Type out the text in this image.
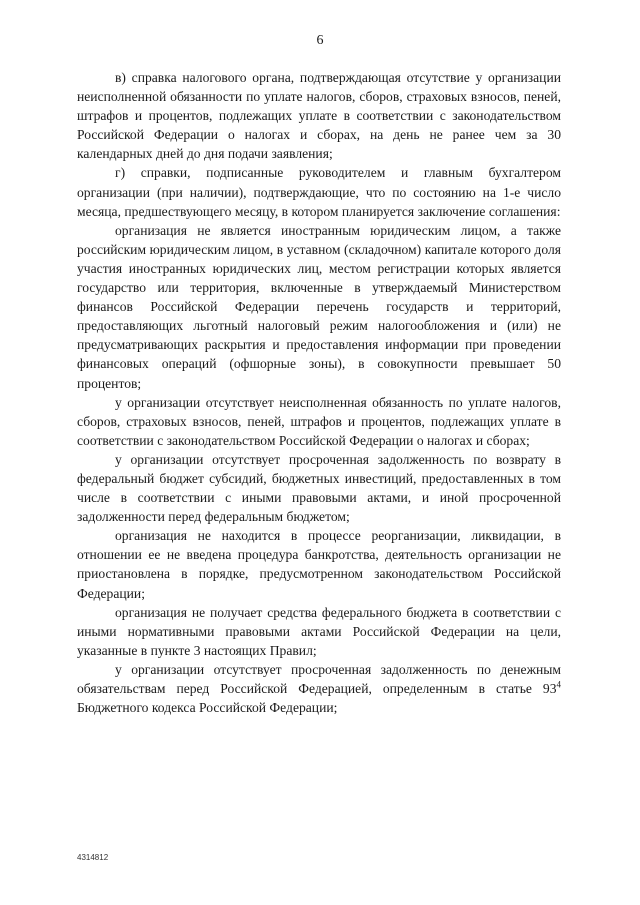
6

в) справка налогового органа, подтверждающая отсутствие у организации неисполненной обязанности по уплате налогов, сборов, страховых взносов, пеней, штрафов и процентов, подлежащих уплате в соответствии с законодательством Российской Федерации о налогах и сборах, на день не ранее чем за 30 календарных дней до дня подачи заявления;

г) справки, подписанные руководителем и главным бухгалтером организации (при наличии), подтверждающие, что по состоянию на 1-е число месяца, предшествующего месяцу, в котором планируется заключение соглашения:

организация не является иностранным юридическим лицом, а также российским юридическим лицом, в уставном (складочном) капитале которого доля участия иностранных юридических лиц, местом регистрации которых является государство или территория, включенные в утверждаемый Министерством финансов Российской Федерации перечень государств и территорий, предоставляющих льготный налоговый режим налогообложения и (или) не предусматривающих раскрытия и предоставления информации при проведении финансовых операций (офшорные зоны), в совокупности превышает 50 процентов;

у организации отсутствует неисполненная обязанность по уплате налогов, сборов, страховых взносов, пеней, штрафов и процентов, подлежащих уплате в соответствии с законодательством Российской Федерации о налогах и сборах;

у организации отсутствует просроченная задолженность по возврату в федеральный бюджет субсидий, бюджетных инвестиций, предоставленных в том числе в соответствии с иными правовыми актами, и иной просроченной задолженности перед федеральным бюджетом;

организация не находится в процессе реорганизации, ликвидации, в отношении ее не введена процедура банкротства, деятельность организации не приостановлена в порядке, предусмотренном законодательством Российской Федерации;

организация не получает средства федерального бюджета в соответствии с иными нормативными правовыми актами Российской Федерации на цели, указанные в пункте 3 настоящих Правил;

у организации отсутствует просроченная задолженность по денежным обязательствам перед Российской Федерацией, определенным в статье $93^4$ Бюджетного кодекса Российской Федерации;

4314812
